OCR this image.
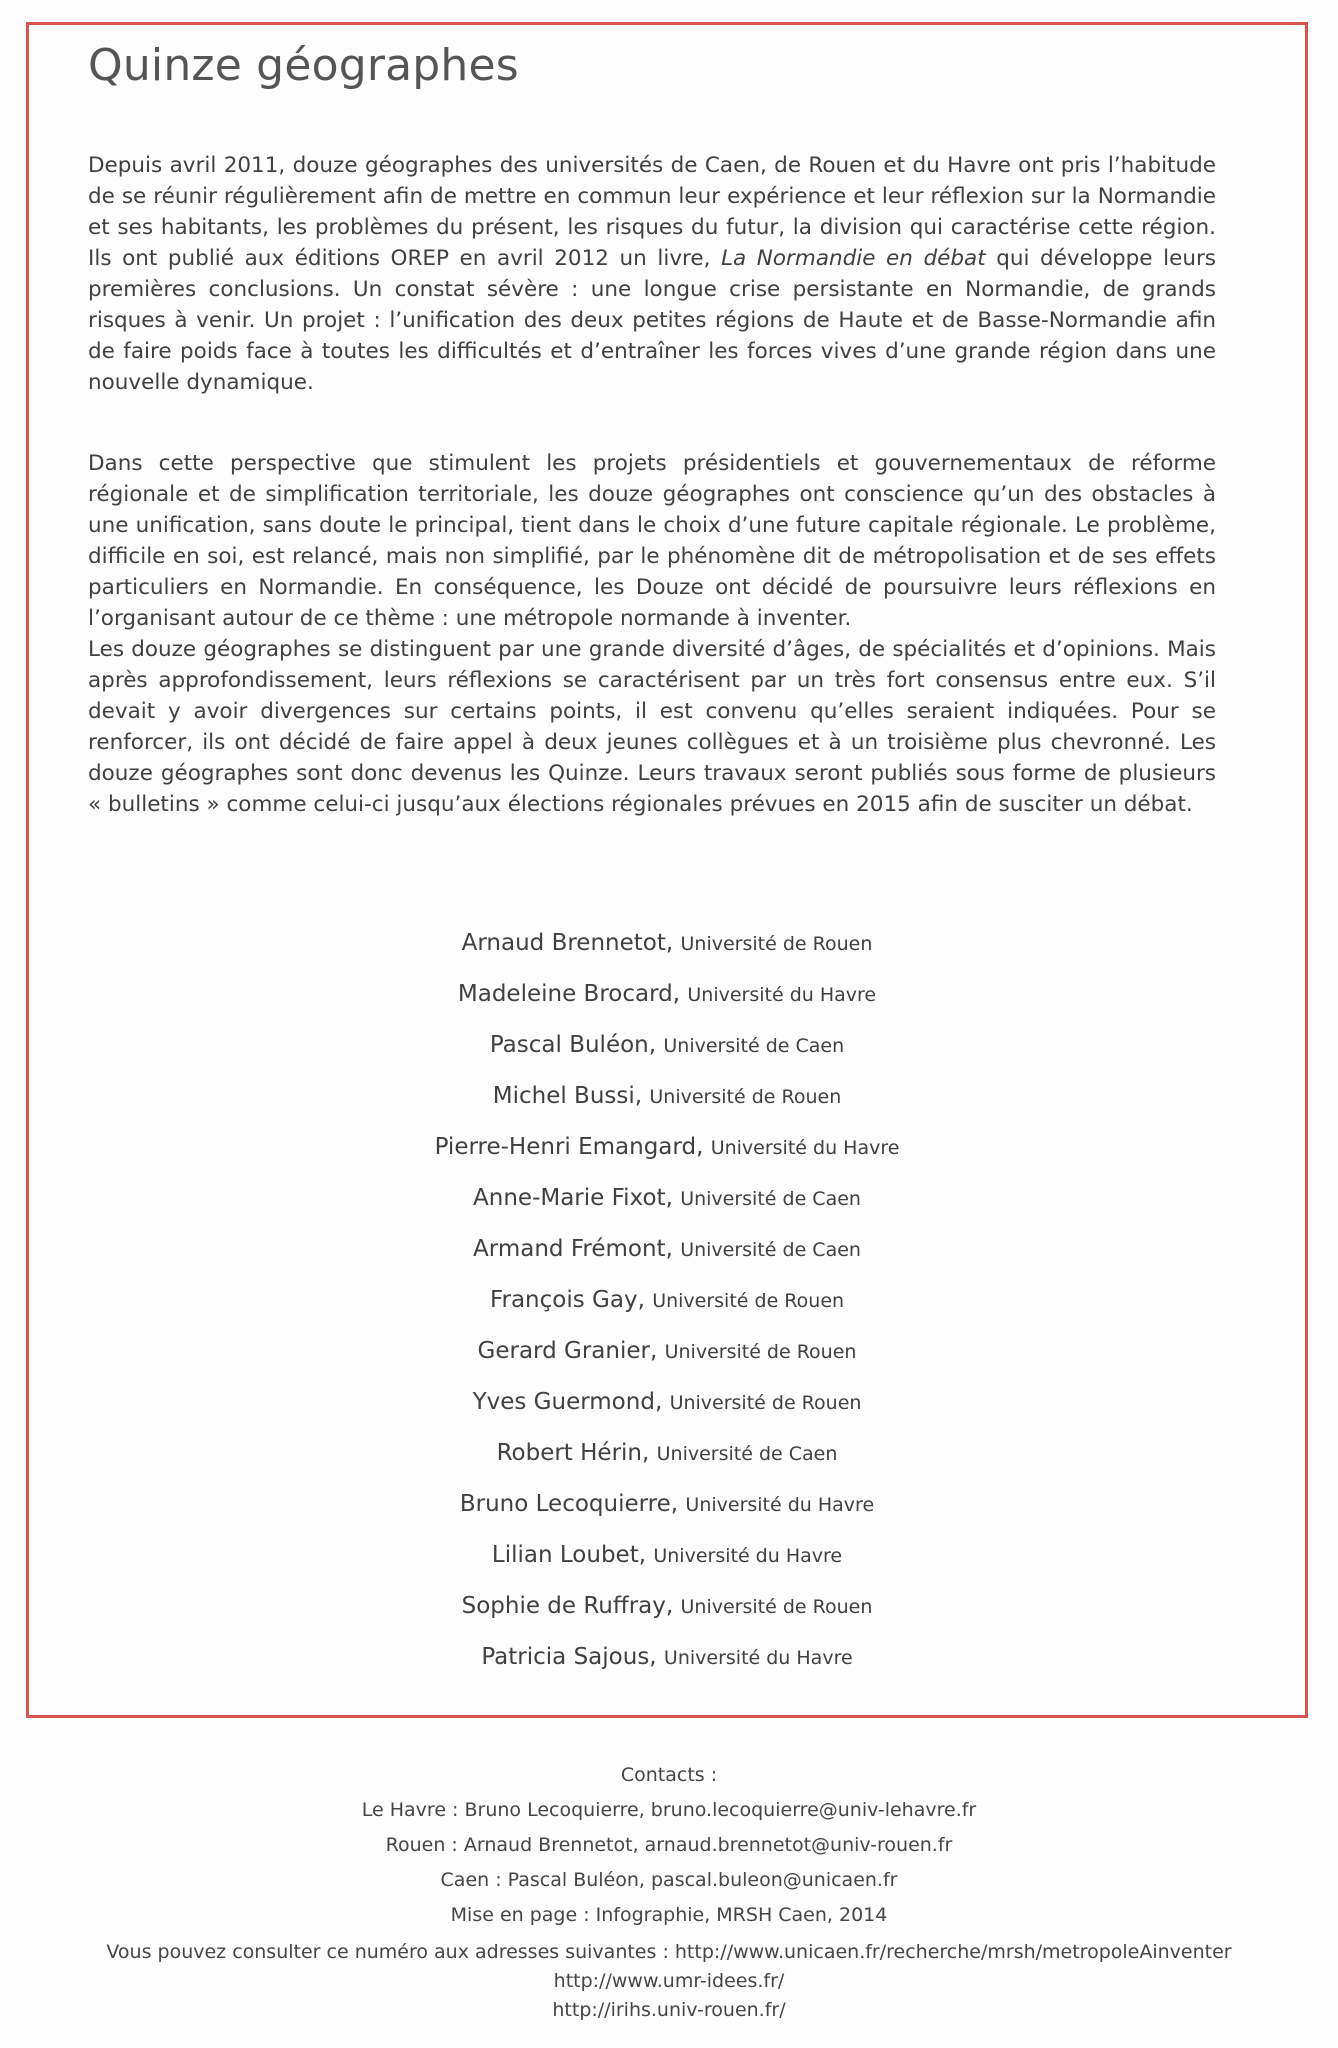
Quinze géographes

Depuis avril 2011, douze géographes des universités de Caen, de Rouen et du Havre ont pris l’habitude de se réunir régulièrement afin de mettre en commun leur expérience et leur réflexion sur la Normandie et ses habitants, les problèmes du présent, les risques du futur, la division qui caractérise cette région. Ils ont publié aux éditions OREP en avril 2012 un livre, La Normandie en débat qui développe leurs premières conclusions. Un constat sévère : une longue crise persistante en Normandie, de grands risques à venir. Un projet : l’unification des deux petites régions de Haute et de Basse-Normandie afin de faire poids face à toutes les difficultés et d’entraîner les forces vives d’une grande région dans une nouvelle dynamique.

Dans cette perspective que stimulent les projets présidentiels et gouvernementaux de réforme régionale et de simplification territoriale, les douze géographes ont conscience qu’un des obstacles à une unification, sans doute le principal, tient dans le choix d’une future capitale régionale. Le problème, difficile en soi, est relancé, mais non simplifié, par le phénomène dit de métropolisation et de ses effets particuliers en Normandie. En conséquence, les Douze ont décidé de poursuivre leurs réflexions en l’organisant autour de ce thème : une métropole normande à inventer.
Les douze géographes se distinguent par une grande diversité d’âges, de spécialités et d’opinions. Mais après approfondissement, leurs réflexions se caractérisent par un très fort consensus entre eux. S’il devait y avoir divergences sur certains points, il est convenu qu’elles seraient indiquées. Pour se renforcer, ils ont décidé de faire appel à deux jeunes collègues et à un troisième plus chevronné. Les douze géographes sont donc devenus les Quinze. Leurs travaux seront publiés sous forme de plusieurs « bulletins » comme celui-ci jusqu’aux élections régionales prévues en 2015 afin de susciter un débat.

Arnaud Brennetot, Université de Rouen
Madeleine Brocard, Université du Havre
Pascal Buléon, Université de Caen
Michel Bussi, Université de Rouen
Pierre-Henri Emangard, Université du Havre
Anne-Marie Fixot, Université de Caen
Armand Frémont, Université de Caen
François Gay, Université de Rouen
Gerard Granier, Université de Rouen
Yves Guermond, Université de Rouen
Robert Hérin, Université de Caen
Bruno Lecoquierre, Université du Havre
Lilian Loubet, Université du Havre
Sophie de Ruffray, Université de Rouen
Patricia Sajous, Université du Havre
Contacts :
Le Havre : Bruno Lecoquierre, bruno.lecoquierre@univ-lehavre.fr
Rouen : Arnaud Brennetot, arnaud.brennetot@univ-rouen.fr
Caen : Pascal Buléon, pascal.buleon@unicaen.fr
Mise en page : Infographie, MRSH Caen, 2014
Vous pouvez consulter ce numéro aux adresses suivantes : http://www.unicaen.fr/recherche/mrsh/metropoleAinventer
http://www.umr-idees.fr/
http://irihs.univ-rouen.fr/
